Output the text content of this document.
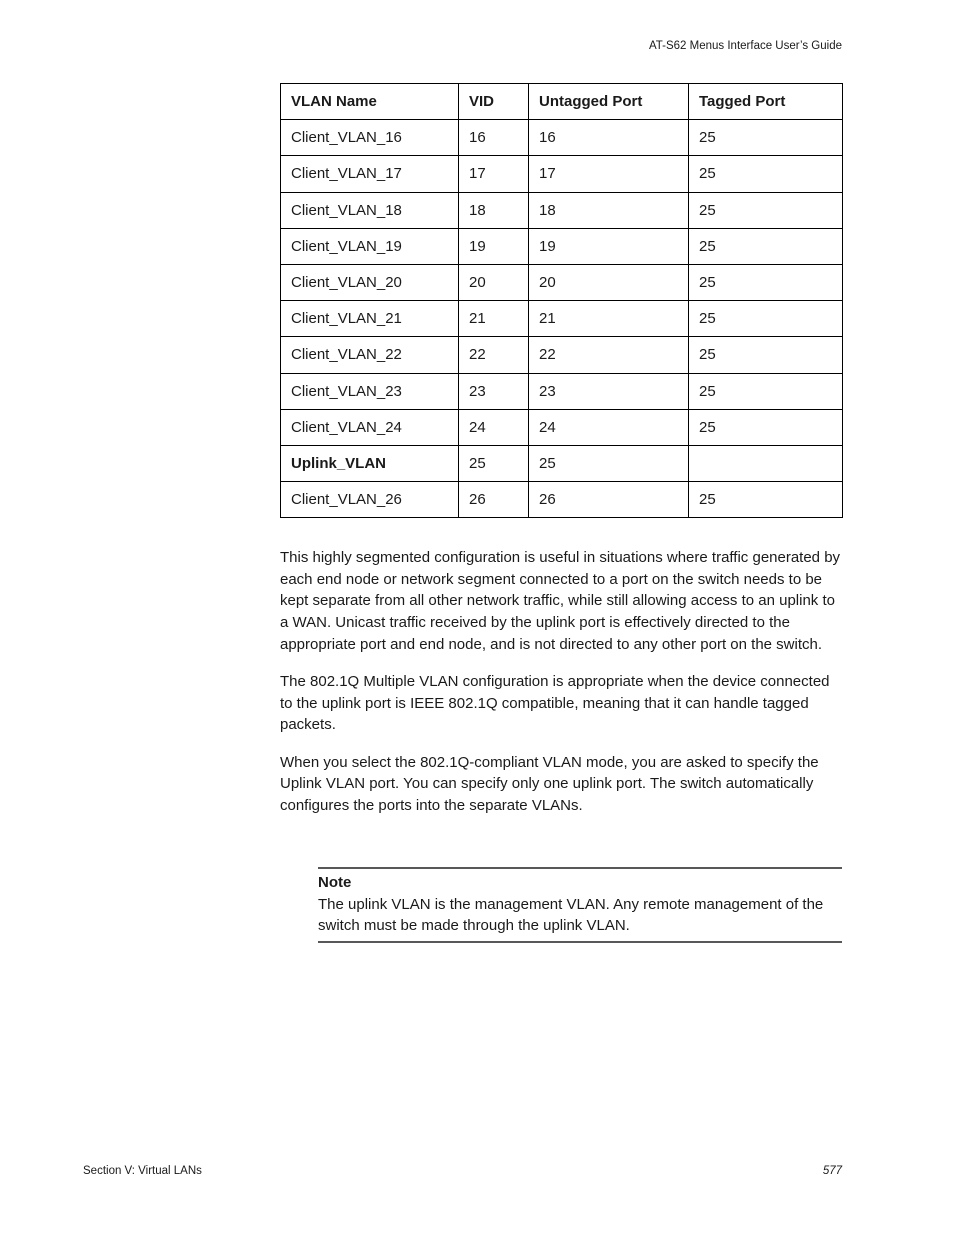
AT-S62 Menus Interface User’s Guide
VLAN Name	VID	Untagged Port	Tagged Port
Client_VLAN_16	16	16	25
Client_VLAN_17	17	17	25
Client_VLAN_18	18	18	25
Client_VLAN_19	19	19	25
Client_VLAN_20	20	20	25
Client_VLAN_21	21	21	25
Client_VLAN_22	22	22	25
Client_VLAN_23	23	23	25
Client_VLAN_24	24	24	25
Uplink_VLAN	25	25	
Client_VLAN_26	26	26	25

This highly segmented configuration is useful in situations where traffic generated by each end node or network segment connected to a port on the switch needs to be kept separate from all other network traffic, while still allowing access to an uplink to a WAN. Unicast traffic received by the uplink port is effectively directed to the appropriate port and end node, and is not directed to any other port on the switch.

The 802.1Q Multiple VLAN configuration is appropriate when the device connected to the uplink port is IEEE 802.1Q compatible, meaning that it can handle tagged packets.

When you select the 802.1Q-compliant VLAN mode, you are asked to specify the Uplink VLAN port. You can specify only one uplink port. The switch automatically configures the ports into the separate VLANs.

Note
The uplink VLAN is the management VLAN. Any remote management of the switch must be made through the uplink VLAN.
Section V: Virtual LANs	577
